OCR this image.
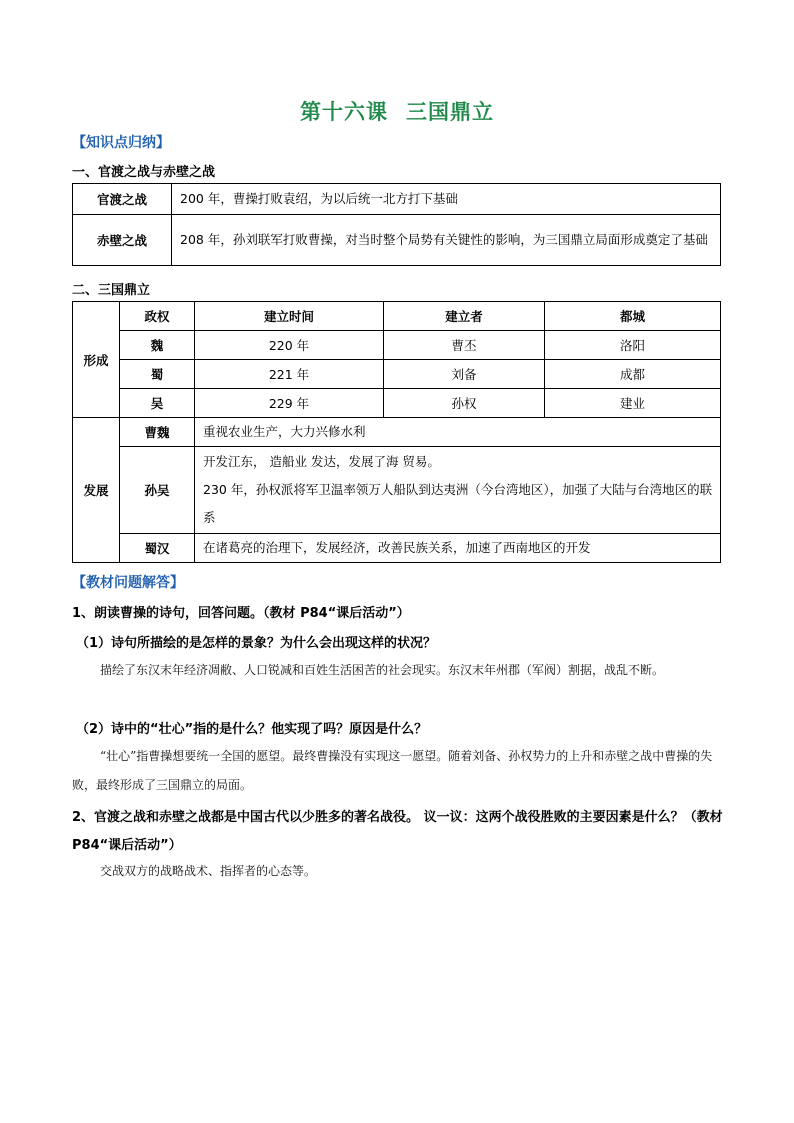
第十六课 三国鼎立
【知识点归纳】
一、官渡之战与赤壁之战
官渡之战	200 年，曹操打败袁绍，为以后统一北方打下基础
赤壁之战	208 年，孙刘联军打败曹操，对当时整个局势有关键性的影响，为三国鼎立局面形成奠定了基础
二、三国鼎立
形成	政权	建立时间	建立者	都城
	魏	220 年	曹丕	洛阳
	蜀	221 年	刘备	成都
	吴	229 年	孙权	建业
发展	曹魏	重视农业生产，大力兴修水利		
	孙吴	开发江东， 造船业 发达，发展了海 贸易。
230 年，孙权派将军卫温率领万人船队到达夷洲（今台湾地区），加强了大陆与台湾地区的联系		

	蜀汉	在诸葛亮的治理下，发展经济，改善民族关系，加速了西南地区的开发		
【教材问题解答】
1、朗读曹操的诗句，回答问题。（教材 P84“课后活动”）
（1）诗句所描绘的是怎样的景象？为什么会出现这样的状况？
描绘了东汉末年经济凋敝、人口锐减和百姓生活困苦的社会现实。东汉末年州郡（军阀）割据，战乱不断。
（2）诗中的“壮心”指的是什么？他实现了吗？原因是什么？
“壮心”指曹操想要统一全国的愿望。最终曹操没有实现这一愿望。随着刘备、孙权势力的上升和赤壁之战中曹操的失败，最终形成了三国鼎立的局面。
2、官渡之战和赤壁之战都是中国古代以少胜多的著名战役。 议一议：这两个战役胜败的主要因素是什么？（教材 P84“课后活动”）
交战双方的战略战术、指挥者的心态等。
